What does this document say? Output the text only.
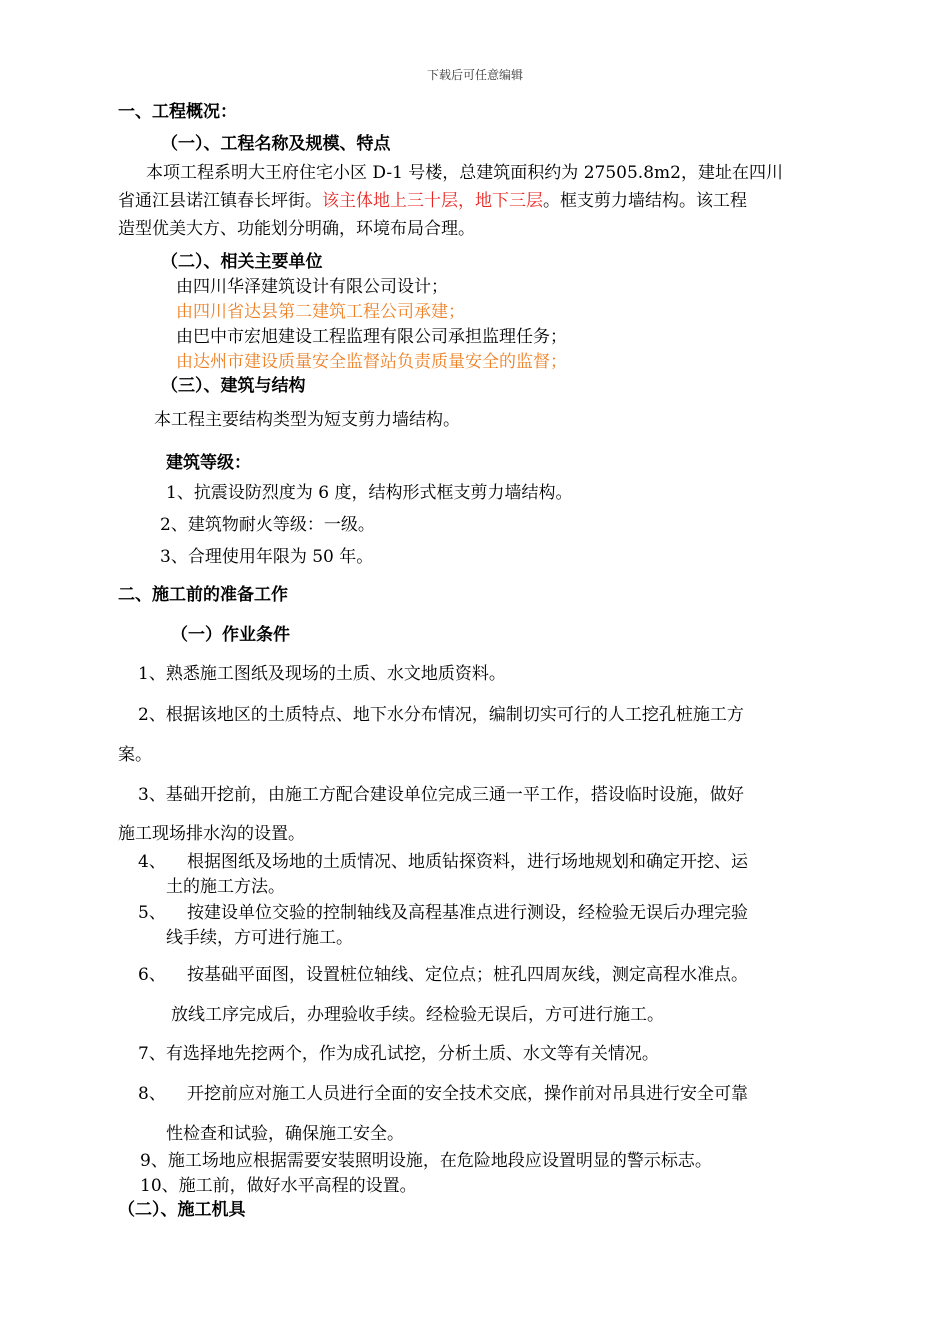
下载后可任意编辑
一、工程概况：
（一）、工程名称及规模、特点
本项工程系明大王府住宅小区 D-1 号楼，总建筑面积约为 27505.8m2，建址在四川
省通江县诺江镇春长坪街。该主体地上三十层，地下三层。框支剪力墙结构。该工程
造型优美大方、功能划分明确，环境布局合理。
（二）、相关主要单位
由四川华泽建筑设计有限公司设计；
由四川省达县第二建筑工程公司承建；
由巴中市宏旭建设工程监理有限公司承担监理任务；
由达州市建设质量安全监督站负责质量安全的监督；
（三）、建筑与结构
本工程主要结构类型为短支剪力墙结构。
建筑等级：
1、抗震设防烈度为 6 度，结构形式框支剪力墙结构。
2、建筑物耐火等级：一级。
3、合理使用年限为 50 年。
二、施工前的准备工作
（一）作业条件
1、熟悉施工图纸及现场的土质、水文地质资料。
2、根据该地区的土质特点、地下水分布情况，编制切实可行的人工挖孔桩施工方
案。
3、基础开挖前，由施工方配合建设单位完成三通一平工作，搭设临时设施，做好
施工现场排水沟的设置。
4、 根据图纸及场地的土质情况、地质钻探资料，进行场地规划和确定开挖、运
土的施工方法。
5、 按建设单位交验的控制轴线及高程基准点进行测设，经检验无误后办理完验
线手续，方可进行施工。
6、 按基础平面图，设置桩位轴线、定位点；桩孔四周灰线，测定高程水准点。
放线工序完成后，办理验收手续。经检验无误后，方可进行施工。
7、有选择地先挖两个，作为成孔试挖，分析土质、水文等有关情况。
8、 开挖前应对施工人员进行全面的安全技术交底，操作前对吊具进行安全可靠
性检查和试验，确保施工安全。
9、施工场地应根据需要安装照明设施，在危险地段应设置明显的警示标志。
10、施工前，做好水平高程的设置。
（二）、施工机具
